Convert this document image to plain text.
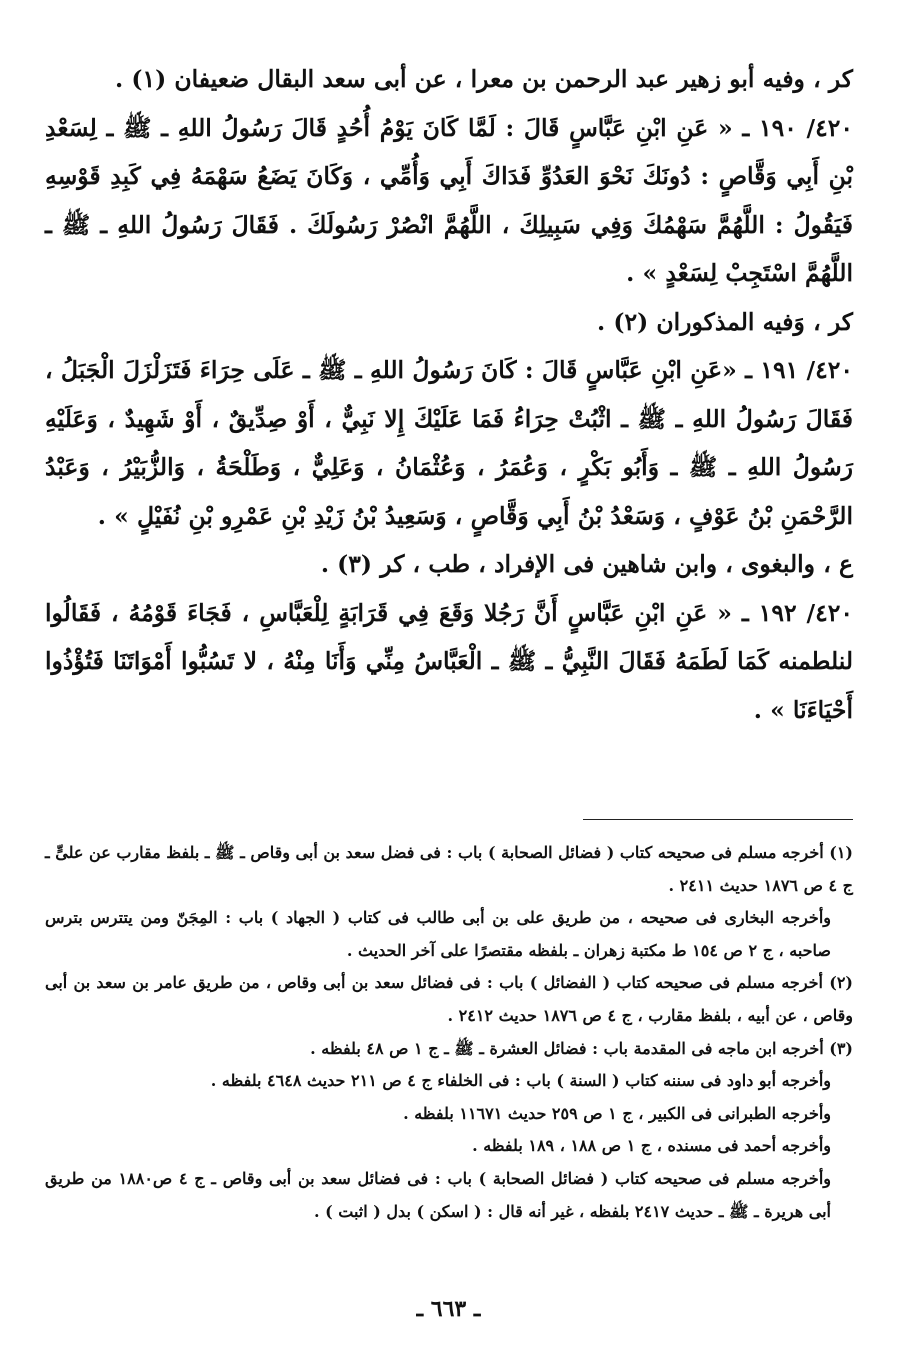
كر ، وفيه أبو زهير عبد الرحمن بن معرا ، عن أبى سعد البقال ضعيفان (١) .

٤٢٠/ ١٩٠ ـ « عَنِ ابْنِ عَبَّاسٍ قَالَ : لَمَّا كَانَ يَوْمُ أُحُدٍ قَالَ رَسُولُ اللهِ ـ ﷺ ـ لِسَعْدِ بْنِ أَبِي وَقَّاصٍ : دُونَكَ نَحْوَ العَدُوِّ فَدَاكَ أَبِي وَأُمِّي ، وَكَانَ يَضَعُ سَهْمَهُ فِي كَبِدِ قَوْسِهِ فَيَقُولُ : اللَّهُمَّ سَهْمُكَ وَفِي سَبِيلِكَ ، اللَّهُمَّ انْصُرْ رَسُولَكَ . فَقَالَ رَسُولُ اللهِ ـ ﷺ ـ اللَّهُمَّ اسْتَجِبْ لِسَعْدٍ » .

كر ، وَفيه المذكوران (٢) .

٤٢٠/ ١٩١ ـ «عَنِ ابْنِ عَبَّاسٍ قَالَ : كَانَ رَسُولُ اللهِ ـ ﷺ ـ عَلَى حِرَاءَ فَتَزَلْزَلَ الْجَبَلُ ، فَقَالَ رَسُولُ اللهِ ـ ﷺ ـ اثْبُتْ حِرَاءُ فَمَا عَلَيْكَ إِلا نَبِيٌّ ، أَوْ صِدِّيقٌ ، أَوْ شَهِيدٌ ، وَعَلَيْهِ رَسُولُ اللهِ ـ ﷺ ـ وَأَبُو بَكْرٍ ، وَعُمَرُ ، وَعُثْمَانُ ، وَعَلِيٌّ ، وَطَلْحَةُ ، وَالزُّبَيْرُ ، وَعَبْدُ الرَّحْمَنِ بْنُ عَوْفٍ ، وَسَعْدُ بْنُ أَبِي وَقَّاصٍ ، وَسَعِيدُ بْنُ زَيْدِ بْنِ عَمْرِو بْنِ نُفَيْلٍ » .

ع ، والبغوى ، وابن شاهين فى الإفراد ، طب ، كر (٣) .

٤٢٠/ ١٩٢ ـ « عَنِ ابْنِ عَبَّاسٍ أَنَّ رَجُلا وَقَعَ فِي قَرَابَةٍ لِلْعَبَّاسِ ، فَجَاءَ قَوْمُهُ ، فَقَالُوا لنلطمنه كَمَا لَطَمَهُ فَقَالَ النَّبِيُّ ـ ﷺ ـ الْعَبَّاسُ مِنِّي وَأَنَا مِنْهُ ، لا تَسُبُّوا أَمْوَاتَنَا فَتُؤْذُوا أَحْيَاءَنَا » .

(١) أخرجه مسلم فى صحيحه كتاب ( فضائل الصحابة ) باب : فى فضل سعد بن أبى وقاص ـ ﷺ ـ بلفظ مقارب عن علىٍّ ـ ج ٤ ص ١٨٧٦ حديث ٢٤١١ .

وأخرجه البخارى فى صحيحه ، من طريق على بن أبى طالب فى كتاب ( الجهاد ) باب : المِجَنّ ومن يتترس بترس صاحبه ، ج ٢ ص ١٥٤ ط مكتبة زهران ـ بلفظه مقتصرًا على آخر الحديث .

(٢) أخرجه مسلم فى صحيحه كتاب ( الفضائل ) باب : فى فضائل سعد بن أبى وقاص ، من طريق عامر بن سعد بن أبى وقاص ، عن أبيه ، بلفظ مقارب ، ج ٤ ص ١٨٧٦ حديث ٢٤١٢ .

(٣) أخرجه ابن ماجه فى المقدمة باب : فضائل العشرة ـ ﷺ ـ ج ١ ص ٤٨ بلفظه .

وأخرجه أبو داود فى سننه كتاب ( السنة ) باب : فى الخلفاء ج ٤ ص ٢١١ حديث ٤٦٤٨ بلفظه .

وأخرجه الطبرانى فى الكبير ، ج ١ ص ٢٥٩ حديث ١١٦٧١ بلفظه .

وأخرجه أحمد فى مسنده ، ج ١ ص ١٨٨ ، ١٨٩ بلفظه .

وأخرجه مسلم فى صحيحه كتاب ( فضائل الصحابة ) باب : فى فضائل سعد بن أبى وقاص ـ ج ٤ ص١٨٨٠ من طريق أبى هريرة ـ ﷺ ـ حديث ٢٤١٧ بلفظه ، غير أنه قال : ( اسكن ) بدل ( اثبت ) .

ـ ٦٦٣ ـ
